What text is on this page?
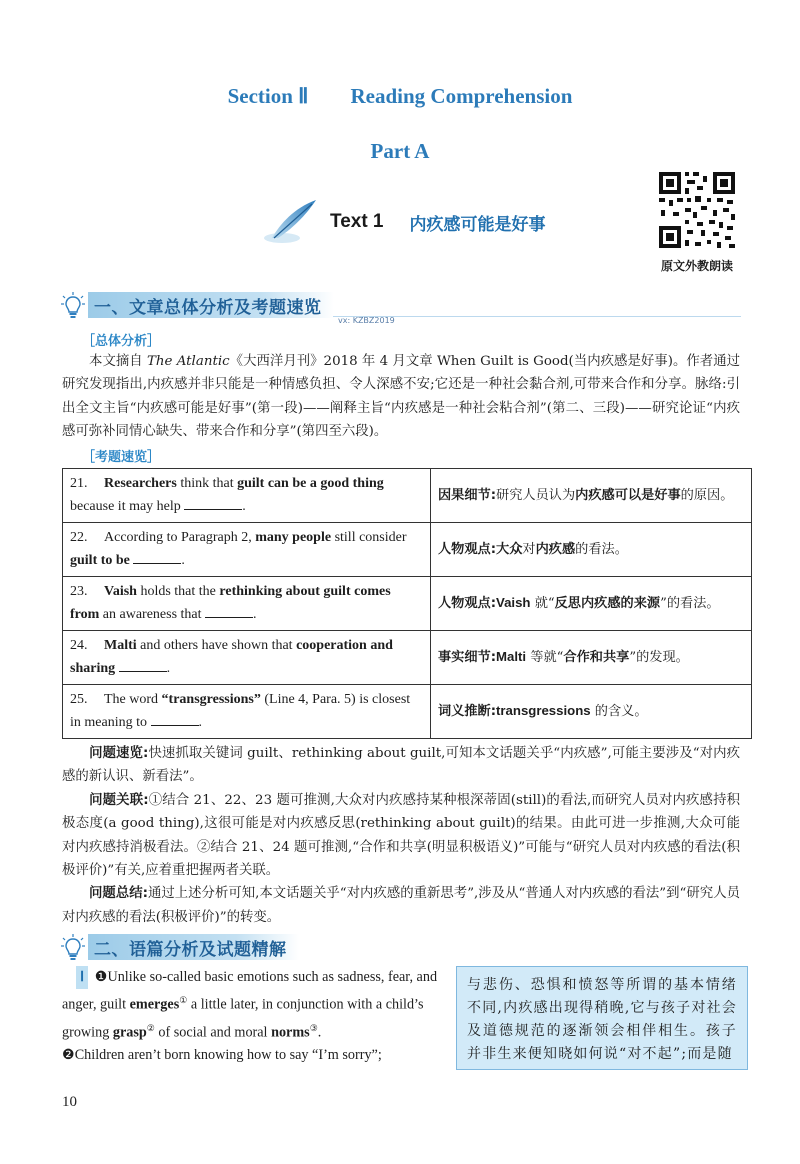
Section Ⅱ Reading Comprehension
Part A
Text 1 内疚感可能是好事
原文外教朗读
一、文章总体分析及考题速览
vx: KZBZ2019
［总体分析］
本文摘自 The Atlantic《大西洋月刊》2018 年 4 月文章 When Guilt is Good(当内疚感是好事)。作者通过研究发现指出,内疚感并非只能是一种情感负担、令人深感不安;它还是一种社会黏合剂,可带来合作和分享。脉络:引出全文主旨“内疚感可能是好事”(第一段)——阐释主旨“内疚感是一种社会粘合剂”(第二、三段)——研究论证“内疚感可弥补同情心缺失、带来合作和分享”(第四至六段)。
［考题速览］
21. Researchers think that guilt can be a good thing because it may help .	因果细节:研究人员认为内疚感可以是好事的原因。
22. According to Paragraph 2, many people still consider guilt to be .	人物观点:大众对内疚感的看法。
23. Vaish holds that the rethinking about guilt comes from an awareness that .	人物观点:Vaish 就“反思内疚感的来源”的看法。
24. Malti and others have shown that cooperation and sharing .	事实细节:Malti 等就“合作和共享”的发现。
25. The word “transgressions” (Line 4, Para. 5) is closest in meaning to .	词义推断:transgressions 的含义。
问题速览:快速抓取关键词 guilt、rethinking about guilt,可知本文话题关乎“内疚感”,可能主要涉及“对内疚感的新认识、新看法”。
问题关联:①结合 21、22、23 题可推测,大众对内疚感持某种根深蒂固(still)的看法,而研究人员对内疚感持积极态度(a good thing),这很可能是对内疚感反思(rethinking about guilt)的结果。由此可进一步推测,大众可能对内疚感持消极看法。②结合 21、24 题可推测,“合作和共享(明显积极语义)”可能与“研究人员对内疚感的看法(积极评价)”有关,应着重把握两者关联。
问题总结:通过上述分析可知,本文话题关乎“对内疚感的重新思考”,涉及从“普通人对内疚感的看法”到“研究人员对内疚感的看法(积极评价)”的转变。
二、语篇分析及试题精解
Ⅰ ❶Unlike so-called basic emotions such as sadness, fear, and anger, guilt emerges① a little later, in conjunction with a child’s growing grasp② of social and moral norms③.
❷Children aren’t born knowing how to say “I’m sorry”;
与悲伤、恐惧和愤怒等所谓的基本情绪不同,内疚感出现得稍晚,它与孩子对社会及道德规范的逐渐领会相伴相生。孩子并非生来便知晓如何说“对不起”;而是随
10
